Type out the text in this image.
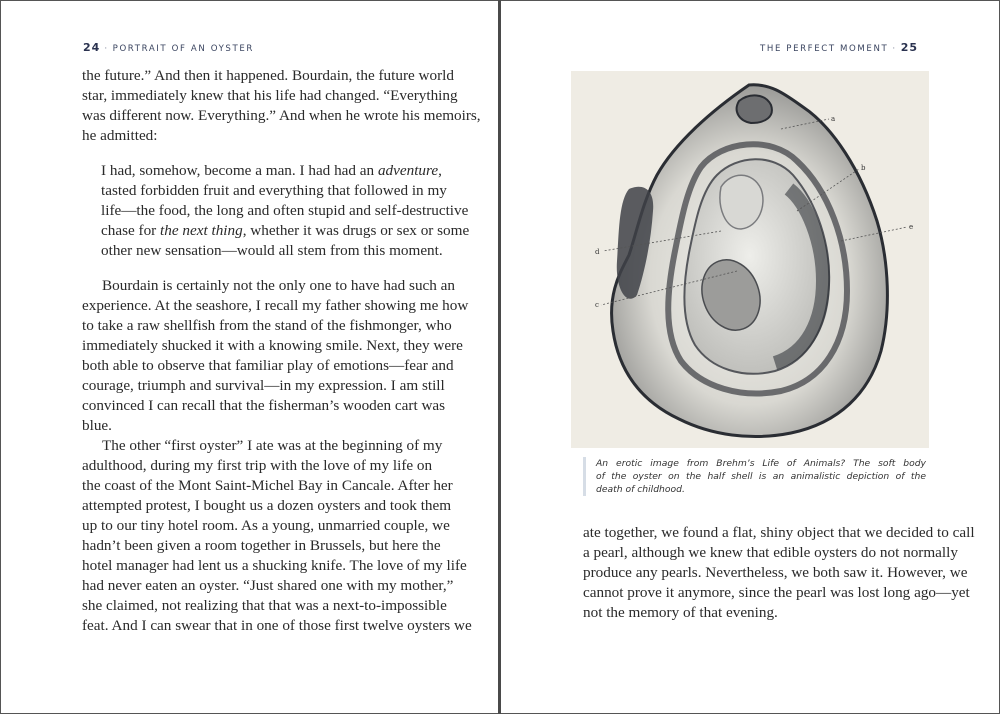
24 · PORTRAIT OF AN OYSTER

the future.” And then it happened. Bourdain, the future world
star, immediately knew that his life had changed. “Everything
was different now. Everything.” And when he wrote his memoirs,
he admitted:

I had, somehow, become a man. I had had an adventure,
tasted forbidden fruit and everything that followed in my
life—the food, the long and often stupid and self-destructive
chase for the next thing, whether it was drugs or sex or some
other new sensation—would all stem from this moment.

Bourdain is certainly not the only one to have had such an
experience. At the seashore, I recall my father showing me how
to take a raw shellfish from the stand of the fishmonger, who
immediately shucked it with a knowing smile. Next, they were
both able to observe that familiar play of emotions—fear and
courage, triumph and survival—in my expression. I am still
convinced I can recall that the fisherman’s wooden cart was
blue.

The other “first oyster” I ate was at the beginning of my
adulthood, during my first trip with the love of my life on
the coast of the Mont Saint-Michel Bay in Cancale. After her
attempted protest, I bought us a dozen oysters and took them
up to our tiny hotel room. As a young, unmarried couple, we
hadn’t been given a room together in Brussels, but here the
hotel manager had lent us a shucking knife. The love of my life
had never eaten an oyster. “Just shared one with my mother,”
she claimed, not realizing that that was a next-to-impossible
feat. And I can swear that in one of those first twelve oysters we

THE PERFECT MOMENT · 25
a
b
c
d
e
An erotic image from Brehm’s Life of Animals? The soft body
of the oyster on the half shell is an animalistic depiction of the
death of childhood.

ate together, we found a flat, shiny object that we decided to call
a pearl, although we knew that edible oysters do not normally
produce any pearls. Nevertheless, we both saw it. However, we
cannot prove it anymore, since the pearl was lost long ago—yet
not the memory of that evening.
